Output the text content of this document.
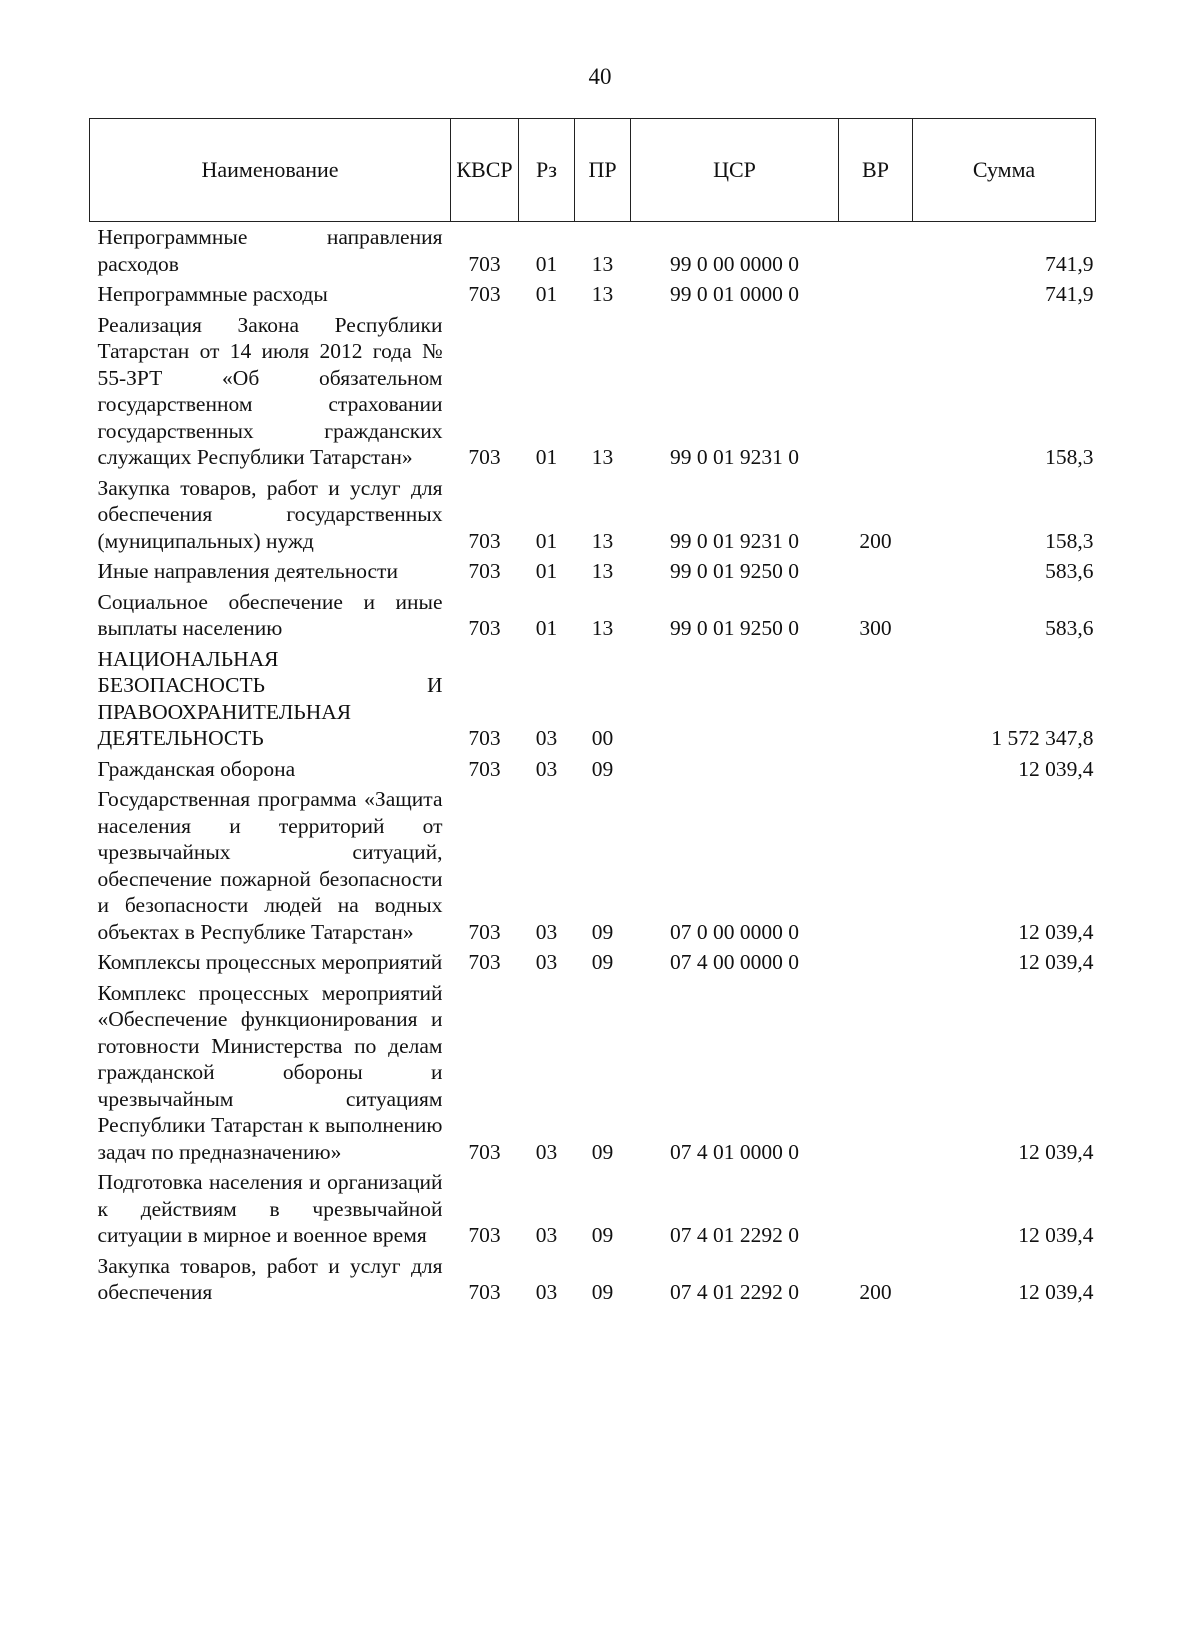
40
Наименование	КВСР	Рз	ПР	ЦСР	ВР	Сумма
Непрограммные направления расходов	703	01	13	99 0 00 0000 0		741,9
Непрограммные расходы	703	01	13	99 0 01 0000 0		741,9
Реализация Закона Республики Татарстан от 14 июля 2012 года № 55-ЗРТ «Об обязательном государственном страховании государственных гражданских служащих Республики Татарстан»	703	01	13	99 0 01 9231 0		158,3
Закупка товаров, работ и услуг для обеспечения государственных (муниципальных) нужд	703	01	13	99 0 01 9231 0	200	158,3
Иные направления деятельности	703	01	13	99 0 01 9250 0		583,6
Социальное обеспечение и иные выплаты населению	703	01	13	99 0 01 9250 0	300	583,6
НАЦИОНАЛЬНАЯ БЕЗОПАСНОСТЬ И ПРАВООХРАНИТЕЛЬНАЯ ДЕЯТЕЛЬНОСТЬ	703	03	00			1 572 347,8
Гражданская оборона	703	03	09			12 039,4
Государственная программа «Защита населения и территорий от чрезвычайных ситуаций, обеспечение пожарной безопасности и безопасности людей на водных объектах в Республике Татарстан»	703	03	09	07 0 00 0000 0		12 039,4
Комплексы процессных мероприятий	703	03	09	07 4 00 0000 0		12 039,4
Комплекс процессных мероприятий «Обеспечение функционирования и готовности Министерства по делам гражданской обороны и чрезвычайным ситуациям Республики Татарстан к выполнению задач по предназначению»	703	03	09	07 4 01 0000 0		12 039,4
Подготовка населения и организаций к действиям в чрезвычайной ситуации в мирное и военное время	703	03	09	07 4 01 2292 0		12 039,4
Закупка товаров, работ и услуг для обеспечения	703	03	09	07 4 01 2292 0	200	12 039,4
